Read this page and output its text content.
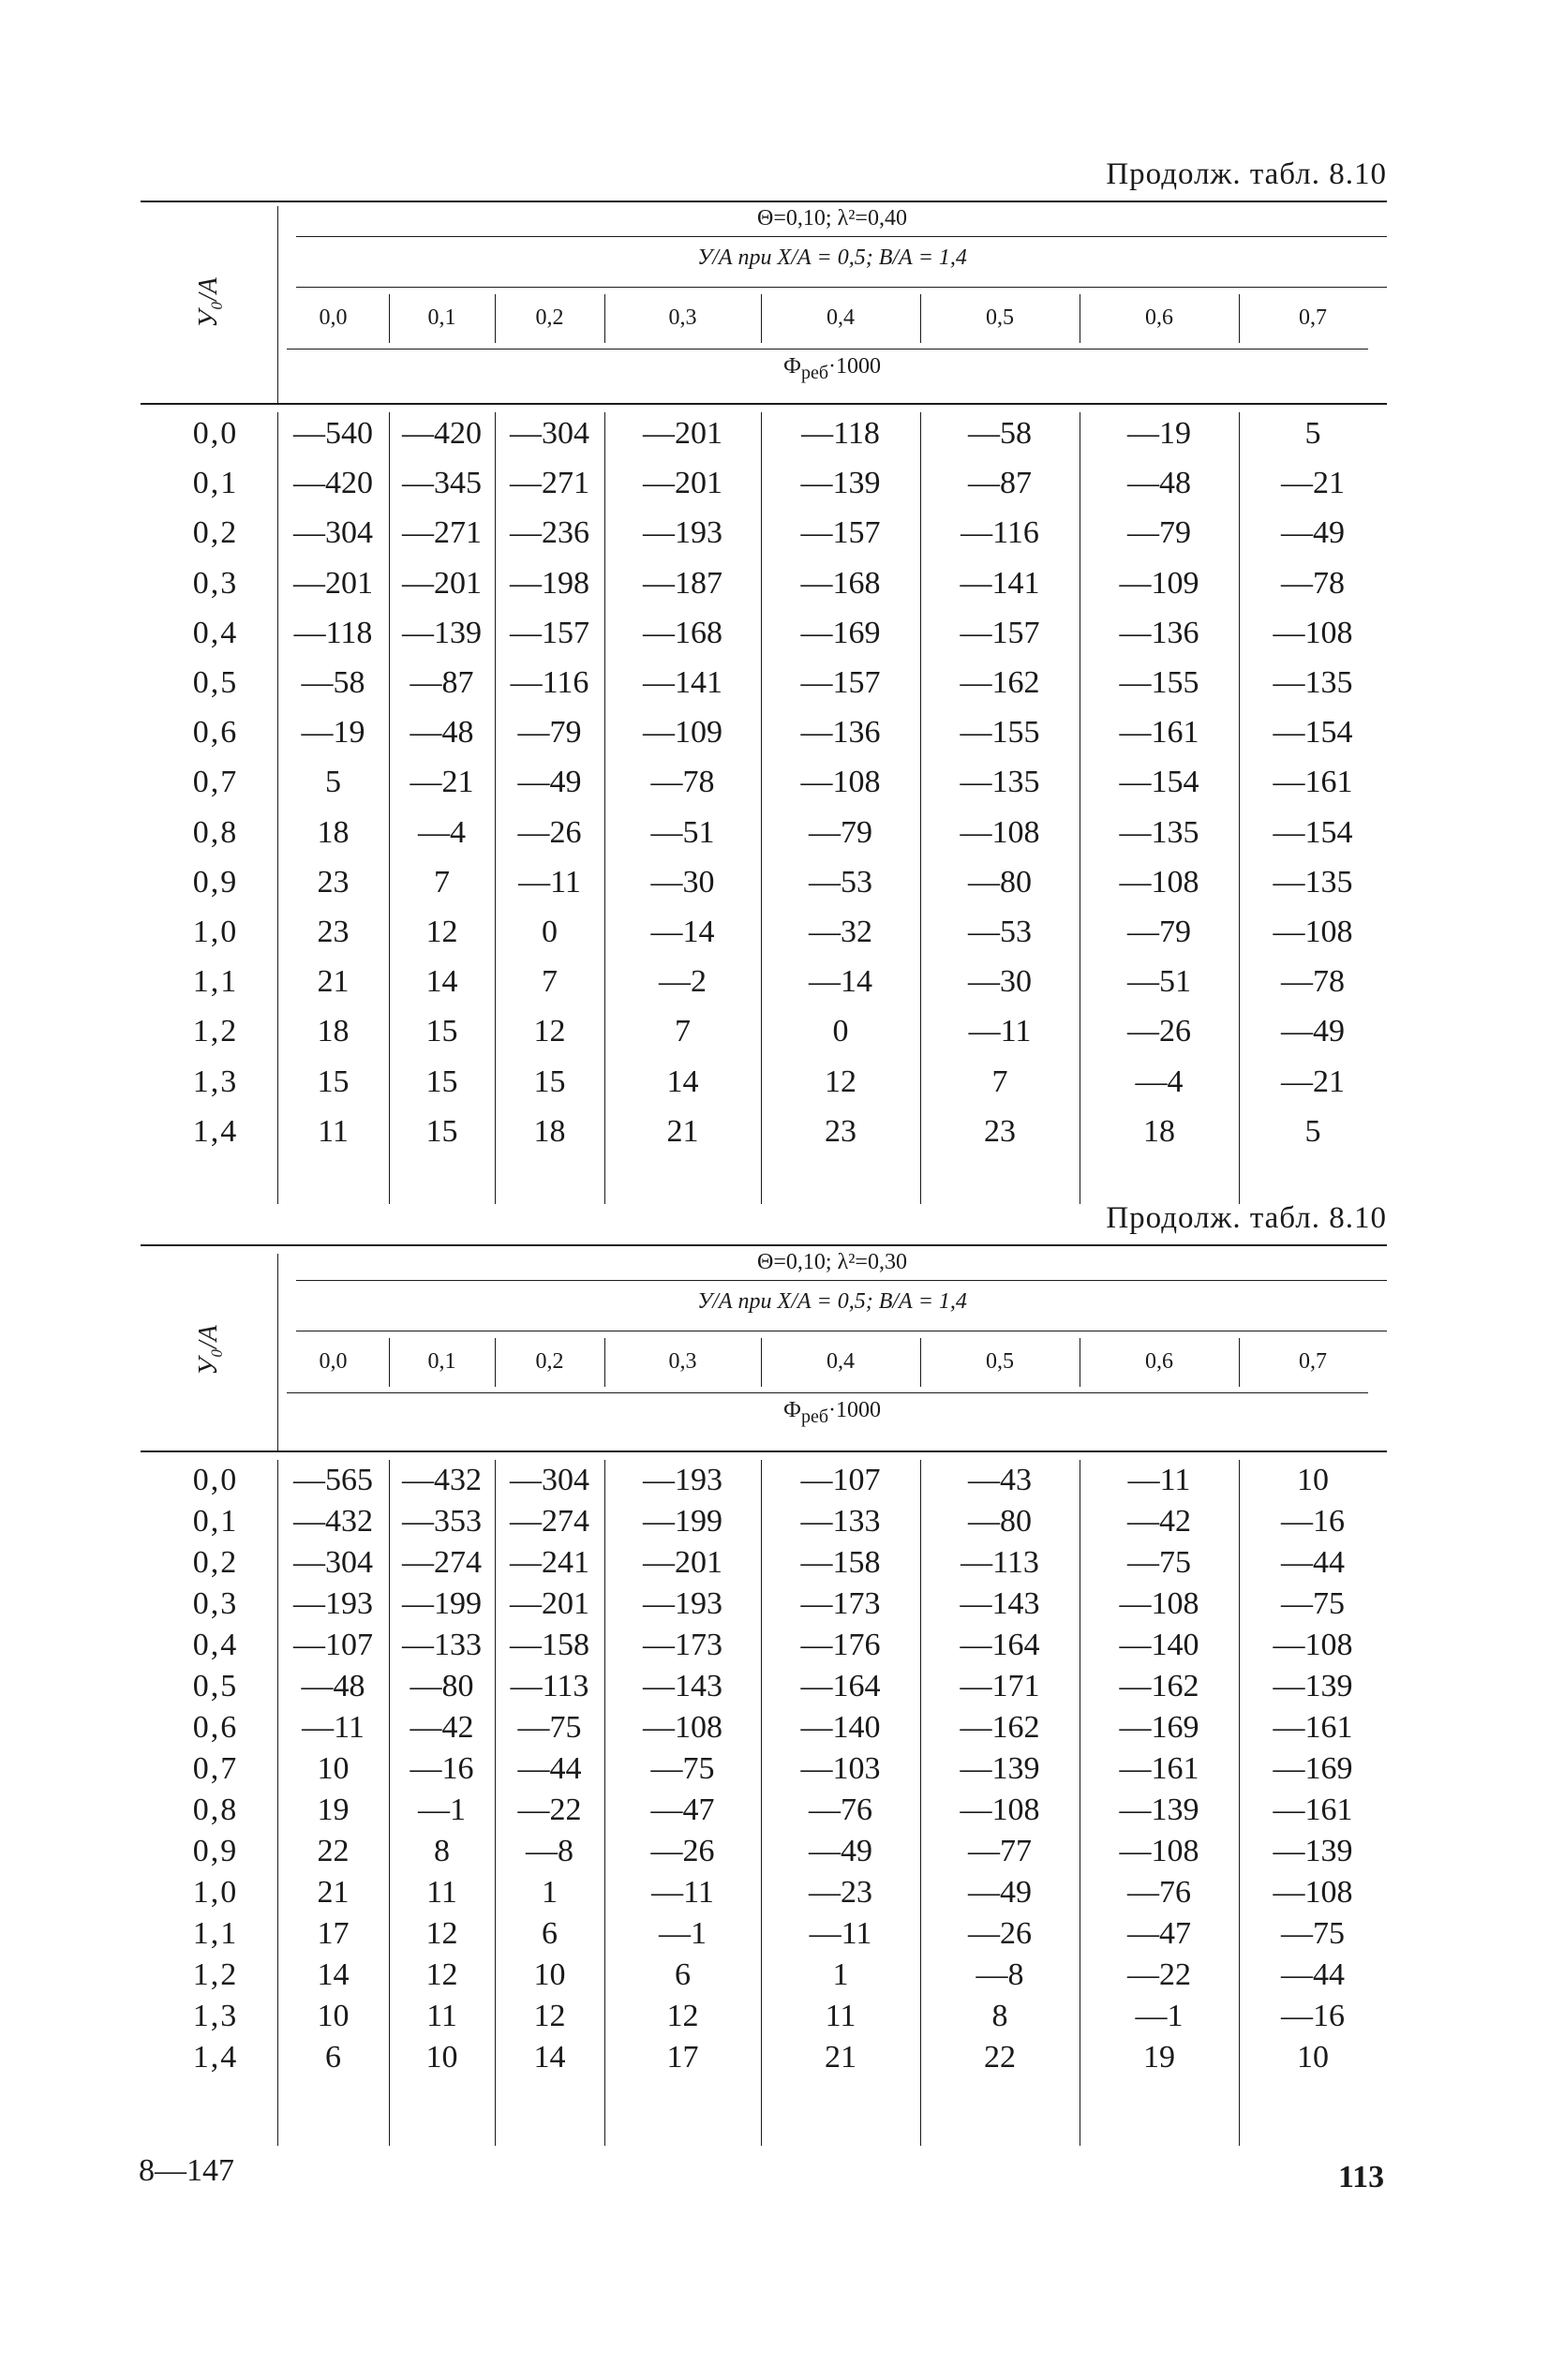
8—147	113
Продолж. табл. 8.10
Θ=0,10; λ²=0,40
У/А при Х/А = 0,5; В/А = 1,4
0,0	0,1	0,2	0,3	0,4	0,5	0,6	0,7
$Ф_{реб}\cdot 1000$
У₀/А
0,0	—540 —420 —304	—201	—118	—58	—19	5
0,1	—420 —345 —271	—201	—139	—87	—48	—21
0,2	—304 —271 —236	—193	—157	—116	—79	—49
0,3	—201 —201 —198	—187	—168	—141	—109	—78
0,4	—118 —139 —157	—168	—169	—157	—136	—108
0,5	—58	—87	—116	—141	—157	—162	—155	—135
0,6	—19	—48	—79	—109	—136	—155	—161	—154
0,7	5	—21	—49	—78	—108	—135	—154	—161
0,8	18	—4	—26	—51	—79	—108	—135	—154
0,9	23	7	—11	—30	—53	—80	—108	—135
1,0	23	12	0	—14	—32	—53	—79	—108
1,1	21	14	7	—2	—14	—30	—51	—78
1,2	18	15	12	7	0	—11	—26	—49
1,3	15	15	15	14	12	7	—4	—21
1,4	11	15	18	21	23	23	18	5
Продолж. табл. 8.10
Θ=0,10; λ²=0,30
У/А при Х/А = 0,5; В/А = 1,4
0,0	0,1	0,2	0,3	0,4	0,5	0,6	0,7
$Ф_{реб}\cdot 1000$
У₀/А
0,0	—565 —432 —304	—193	—107	—43	—11	10
0,1	—432 —353 —274	—199	—133	—80	—42	—16
0,2	—304 —274 —241	—201	—158	—113	—75	—44
0,3	—193 —199 —201	—193	—173	—143	—108	—75
0,4	—107 —133 —158	—173	—176	—164	—140	—108
0,5	—48	—80	—113	—143	—164	—171	—162	—139
0,6	—11	—42	—75	—108	—140	—162	—169	—161
0,7	10	—16	—44	—75	—103	—139	—161	—169
0,8	19	—1	—22	—47	—76	—108	—139	—161
0,9	22	8	—8	—26	—49	—77	—108	—139
1,0	21	11	1	—11	—23	—49	—76	—108
1,1	17	12	6	—1	—11	—26	—47	—75
1,2	14	12	10	6	1	—8	—22	—44
1,3	10	11	12	12	11	8	—1	—16
1,4	6	10	14	17	21	22	19	10
